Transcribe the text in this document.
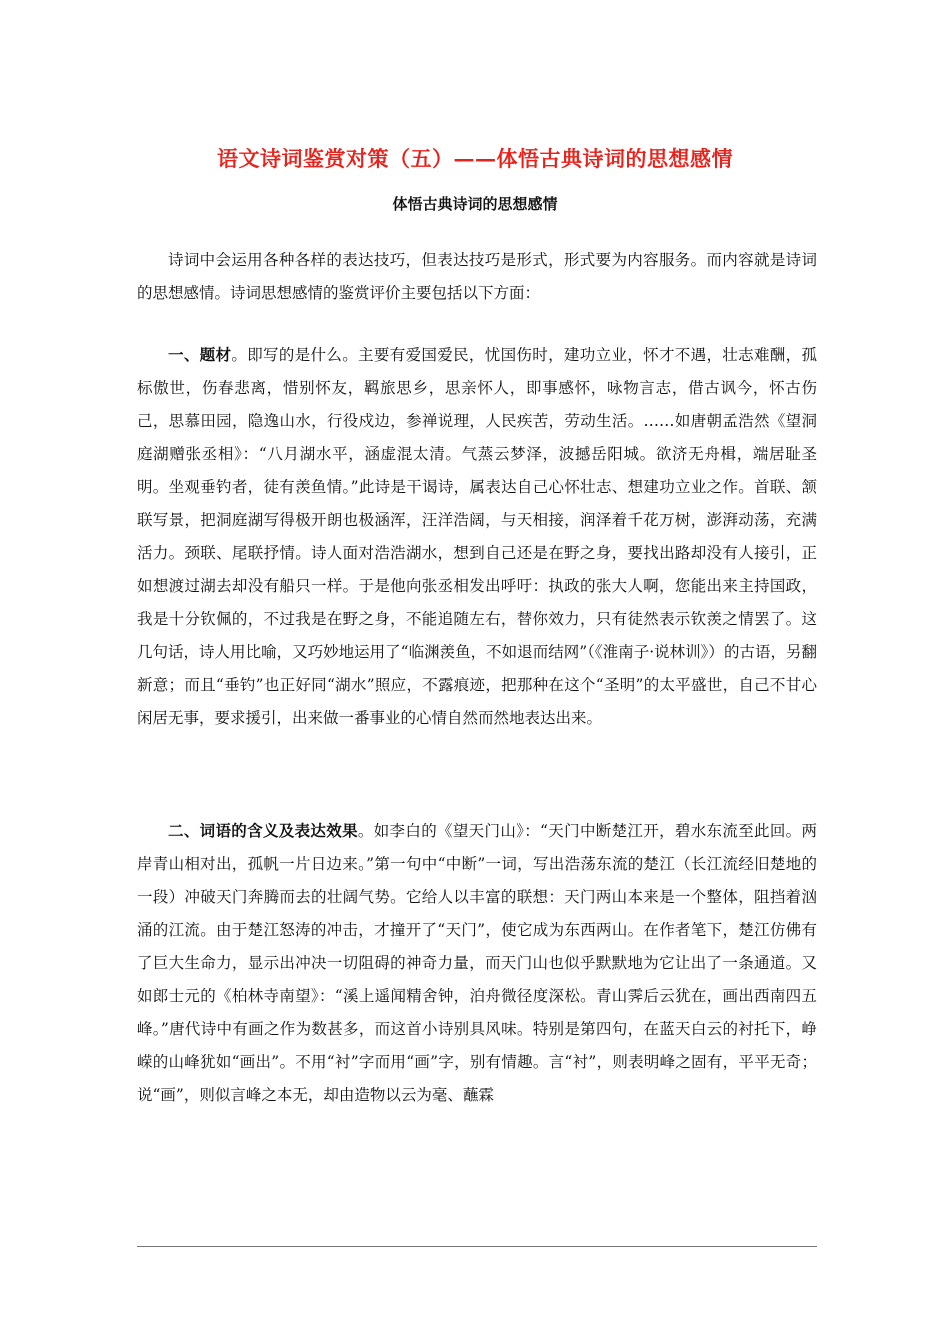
语文诗词鉴赏对策（五）——体悟古典诗词的思想感情
体悟古典诗词的思想感情

诗词中会运用各种各样的表达技巧，但表达技巧是形式，形式要为内容服务。而内容就是诗词的思想感情。诗词思想感情的鉴赏评价主要包括以下方面：

一、题材。即写的是什么。主要有爱国爱民，忧国伤时，建功立业，怀才不遇，壮志难酬，孤标傲世，伤春悲离，惜别怀友，羁旅思乡，思亲怀人，即事感怀，咏物言志，借古讽今，怀古伤己，思慕田园，隐逸山水，行役戍边，参禅说理，人民疾苦，劳动生活。……如唐朝孟浩然《望洞庭湖赠张丞相》：“八月湖水平，涵虚混太清。气蒸云梦泽，波撼岳阳城。欲济无舟楫，端居耻圣明。坐观垂钓者，徒有羡鱼情。”此诗是干谒诗，属表达自己心怀壮志、想建功立业之作。首联、颔联写景，把洞庭湖写得极开朗也极涵浑，汪洋浩阔，与天相接，润泽着千花万树，澎湃动荡，充满活力。颈联、尾联抒情。诗人面对浩浩湖水，想到自己还是在野之身，要找出路却没有人接引，正如想渡过湖去却没有船只一样。于是他向张丞相发出呼吁：执政的张大人啊，您能出来主持国政，我是十分钦佩的，不过我是在野之身，不能追随左右，替你效力，只有徒然表示钦羡之情罢了。这几句话，诗人用比喻，又巧妙地运用了“临渊羡鱼，不如退而结网”（《淮南子·说林训》）的古语，另翻新意；而且“垂钓”也正好同“湖水”照应，不露痕迹，把那种在这个“圣明”的太平盛世，自己不甘心闲居无事，要求援引，出来做一番事业的心情自然而然地表达出来。

二、词语的含义及表达效果。如李白的《望天门山》：“天门中断楚江开，碧水东流至此回。两岸青山相对出，孤帆一片日边来。”第一句中“中断”一词，写出浩荡东流的楚江（长江流经旧楚地的一段）冲破天门奔腾而去的壮阔气势。它给人以丰富的联想：天门两山本来是一个整体，阻挡着汹涌的江流。由于楚江怒涛的冲击，才撞开了“天门”，使它成为东西两山。在作者笔下，楚江仿佛有了巨大生命力，显示出冲决一切阻碍的神奇力量，而天门山也似乎默默地为它让出了一条通道。又如郎士元的《柏林寺南望》：“溪上遥闻精舍钟，泊舟微径度深松。青山霁后云犹在，画出西南四五峰。”唐代诗中有画之作为数甚多，而这首小诗别具风味。特别是第四句，在蓝天白云的衬托下，峥嵘的山峰犹如“画出”。不用“衬”字而用“画”字，别有情趣。言“衬”，则表明峰之固有，平平无奇；说“画”，则似言峰之本无，却由造物以云为毫、蘸霖
